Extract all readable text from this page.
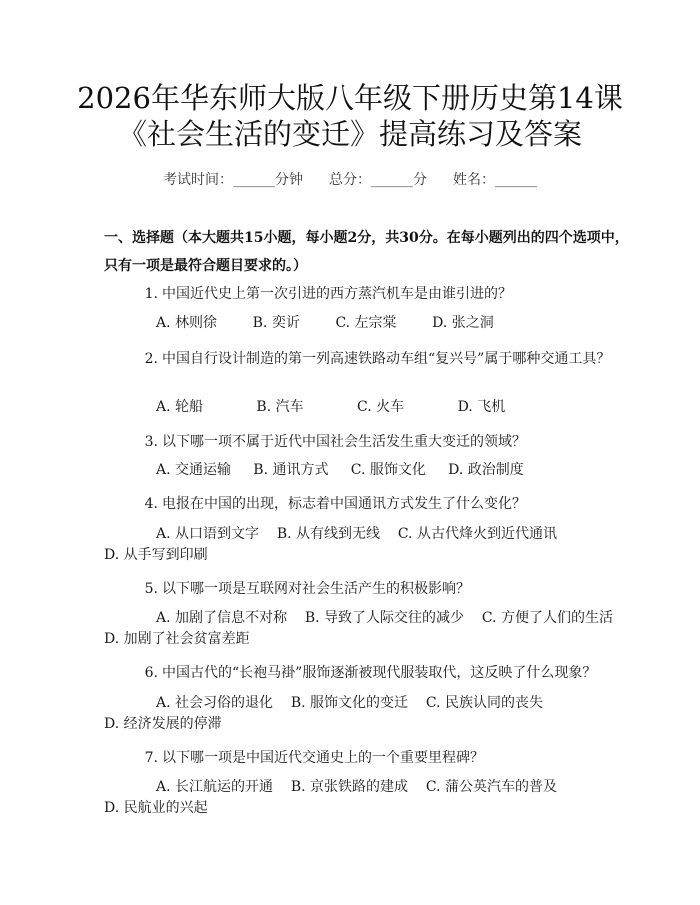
2026年华东师大版八年级下册历史第14课
《社会生活的变迁》提高练习及答案
考试时间：______分钟 总分：______分 姓名：______
一、选择题（本大题共15小题，每小题2分，共30分。在每小题列出的四个选项中，只有一项是最符合题目要求的。）
1. 中国近代史上第一次引进的西方蒸汽机车是由谁引进的？
A. 林则徐	B. 奕䜣	C. 左宗棠	D. 张之洞
2. 中国自行设计制造的第一列高速铁路动车组“复兴号”属于哪种交通工具？
A. 轮船	B. 汽车	C. 火车	D. 飞机
3. 以下哪一项不属于近代中国社会生活发生重大变迁的领域？
A. 交通运输 B. 通讯方式 C. 服饰文化 D. 政治制度
4. 电报在中国的出现，标志着中国通讯方式发生了什么变化？
A. 从口语到文字 B. 从有线到无线 C. 从古代烽火到近代通讯
D. 从手写到印刷
5. 以下哪一项是互联网对社会生活产生的积极影响？
A. 加剧了信息不对称 B. 导致了人际交往的减少 C. 方便了人们的生活
D. 加剧了社会贫富差距
6. 中国古代的“长袍马褂”服饰逐渐被现代服装取代，这反映了什么现象？
A. 社会习俗的退化 B. 服饰文化的变迁 C. 民族认同的丧失
D. 经济发展的停滞
7. 以下哪一项是中国近代交通史上的一个重要里程碑？
A. 长江航运的开通 B. 京张铁路的建成 C. 蒲公英汽车的普及
D. 民航业的兴起
